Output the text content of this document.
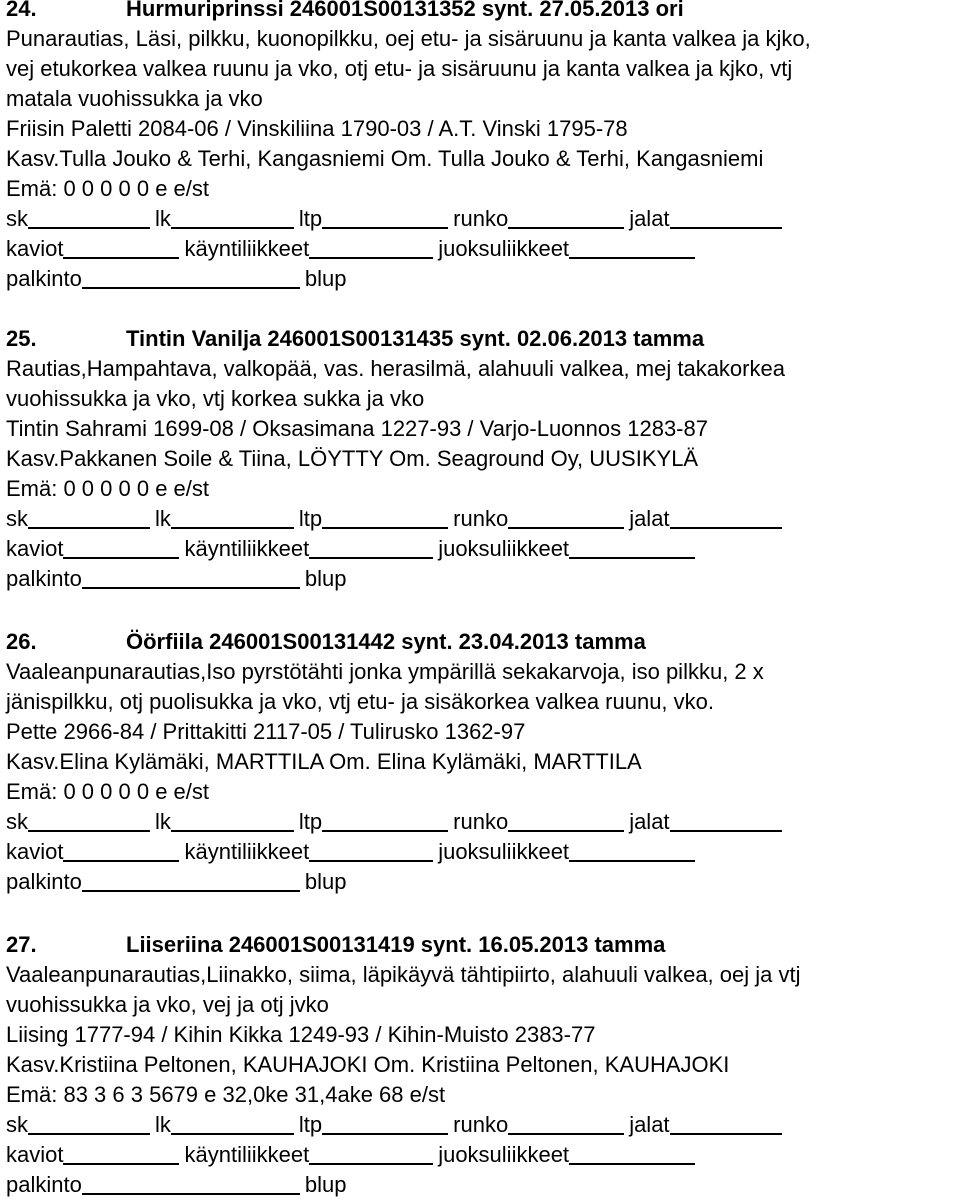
24.	Hurmuriprinssi 246001S00131352 synt. 27.05.2013 ori
Punarautias, Läsi, pilkku, kuonopilkku, oej etu- ja sisäruunu ja kanta valkea ja kjko,
vej etukorkea valkea ruunu ja vko, otj etu- ja sisäruunu ja kanta valkea ja kjko, vtj
matala vuohissukka ja vko
Friisin Paletti 2084-06 / Vinskiliina 1790-03 / A.T. Vinski 1795-78
Kasv.Tulla Jouko & Terhi, Kangasniemi Om. Tulla Jouko & Terhi, Kangasniemi
Emä: 0 0 0 0 0 e e/st
sk	lk	ltp	runko	jalat
kaviot	käyntiliikkeet	juoksuliikkeet
palkinto	blup
25.	Tintin Vanilja 246001S00131435 synt. 02.06.2013 tamma
Rautias,Hampahtava, valkopää, vas. herasilmä, alahuuli valkea, mej takakorkea
vuohissukka ja vko, vtj korkea sukka ja vko
Tintin Sahrami 1699-08 / Oksasimana 1227-93 / Varjo-Luonnos 1283-87
Kasv.Pakkanen Soile & Tiina, LÖYTTY Om. Seaground Oy, UUSIKYLÄ
Emä: 0 0 0 0 0 e e/st
sk	lk	ltp	runko	jalat
kaviot	käyntiliikkeet	juoksuliikkeet
palkinto	blup
26.	Öörfiila 246001S00131442 synt. 23.04.2013 tamma
Vaaleanpunarautias,Iso pyrstötähti jonka ympärillä sekakarvoja, iso pilkku, 2 x
jänispilkku, otj puolisukka ja vko, vtj etu- ja sisäkorkea valkea ruunu, vko.
Pette 2966-84 / Prittakitti 2117-05 / Tulirusko 1362-97
Kasv.Elina Kylämäki, MARTTILA Om. Elina Kylämäki, MARTTILA
Emä: 0 0 0 0 0 e e/st
sk	lk	ltp	runko	jalat
kaviot	käyntiliikkeet	juoksuliikkeet
palkinto	blup
27.	Liiseriina 246001S00131419 synt. 16.05.2013 tamma
Vaaleanpunarautias,Liinakko, siima, läpikäyvä tähtipiirto, alahuuli valkea, oej ja vtj
vuohissukka ja vko, vej ja otj jvko
Liising 1777-94 / Kihin Kikka 1249-93 / Kihin-Muisto 2383-77
Kasv.Kristiina Peltonen, KAUHAJOKI Om. Kristiina Peltonen, KAUHAJOKI
Emä: 83 3 6 3 5679 e 32,0ke 31,4ake 68 e/st
sk	lk	ltp	runko	jalat
kaviot	käyntiliikkeet	juoksuliikkeet
palkinto	blup
